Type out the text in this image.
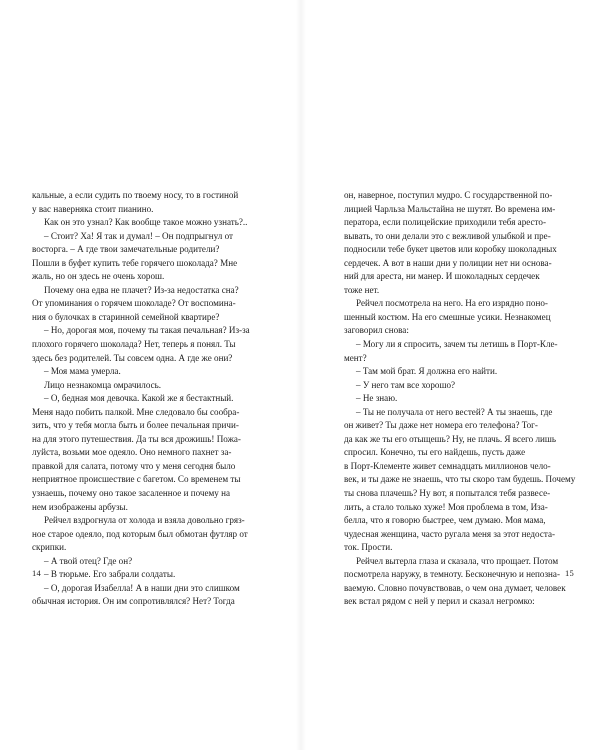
кальные, а если судить по твоему носу, то в гостиной

у вас наверняка стоит пианино.

Как он это узнал? Как вообще такое можно узнать?..

– Стоит? Ха! Я так и думал! – Он подпрыгнул от

восторга. – А где твои замечательные родители?

Пошли в буфет купить тебе горячего шоколада? Мне

жаль, но он здесь не очень хорош.

Почему она едва не плачет? Из-за недостатка сна?

От упоминания о горячем шоколаде? От воспомина-

ния о булочках в старинной семейной квартире?

– Но, дорогая моя, почему ты такая печальная? Из-за

плохого горячего шоколада? Нет, теперь я понял. Ты

здесь без родителей. Ты совсем одна. А где же они?

– Моя мама умерла.

Лицо незнакомца омрачилось.

– О, бедная моя девочка. Какой же я бестактный.

Меня надо побить палкой. Мне следовало бы сообра-

зить, что у тебя могла быть и более печальная причи-

на для этого путешествия. Да ты вся дрожишь! Пожа-

луйста, возьми мое одеяло. Оно немного пахнет за-

правкой для салата, потому что у меня сегодня было

неприятное происшествие с багетом. Со временем ты

узнаешь, почему оно такое засаленное и почему на

нем изображены арбузы.

Рейчел вздрогнула от холода и взяла довольно гряз-

ное старое одеяло, под которым был обмотан футляр от

скрипки.

– А твой отец? Где он?

– В тюрьме. Его забрали солдаты.

– О, дорогая Изабелла! А в наши дни это слишком

обычная история. Он им сопротивлялся? Нет? Тогда

14

он, наверное, поступил мудро. С государственной по-

лицией Чарльза Мальстайна не шутят. Во времена им-

ператора, если полицейские приходили тебя аресто-

вывать, то они делали это с вежливой улыбкой и пре-

подносили тебе букет цветов или коробку шоколадных

сердечек. А вот в наши дни у полиции нет ни основа-

ний для ареста, ни манер. И шоколадных сердечек

тоже нет.

Рейчел посмотрела на него. На его изрядно поно-

шенный костюм. На его смешные усики. Незнакомец

заговорил снова:

– Могу ли я спросить, зачем ты летишь в Порт-Кле-

мент?

– Там мой брат. Я должна его найти.

– У него там все хорошо?

– Не знаю.

– Ты не получала от него вестей? А ты знаешь, где

он живет? Ты даже нет номера его телефона? Тог-

да как же ты его отыщешь? Ну, не плачь. Я всего лишь

спросил. Конечно, ты его найдешь, пусть даже

в Порт-Клементе живет семнадцать миллионов чело-

век, и ты даже не знаешь, что ты скоро там будешь. Почему

ты снова плачешь? Ну вот, я попытался тебя развесе-

лить, а стало только хуже! Моя проблема в том, Иза-

белла, что я говорю быстрее, чем думаю. Моя мама,

чудесная женщина, часто ругала меня за этот недоста-

ток. Прости.

Рейчел вытерла глаза и сказала, что прощает. Потом

посмотрела наружу, в темноту. Бесконечную и непозна-

ваемую. Словно почувствовав, о чем она думает, человек

век встал рядом с ней у перил и сказал негромко:

15
